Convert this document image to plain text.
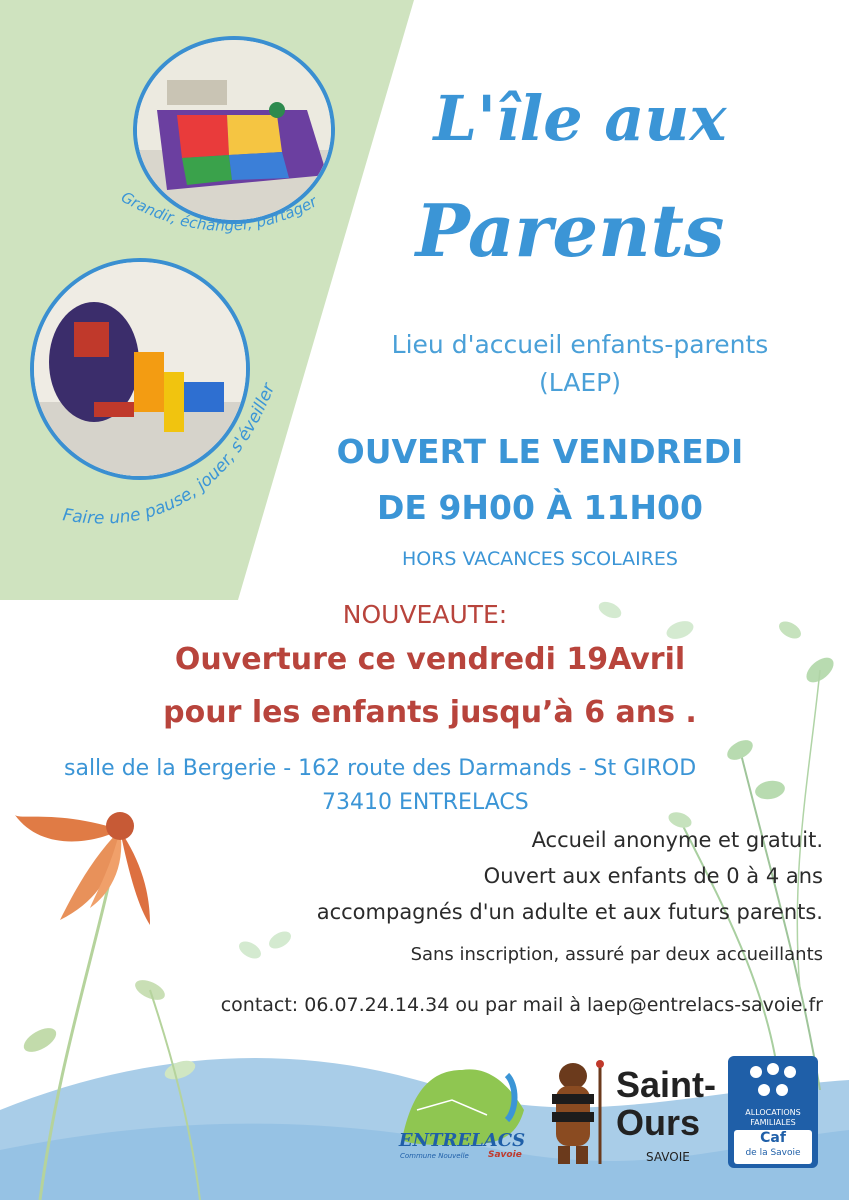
Grandir, échanger, partager
Faire une pause, jouer, s'éveiller
L'île aux
Parents
Lieu d'accueil enfants-parents
(LAEP)
OUVERT LE VENDREDI
DE 9H00 À 11H00
HORS VACANCES SCOLAIRES
NOUVEAUTE:
Ouverture ce vendredi 19Avril
pour les enfants jusqu’à 6 ans .
salle de la Bergerie - 162 route des Darmands - St GIROD
73410 ENTRELACS
Accueil anonyme et gratuit.
Ouvert aux enfants de 0 à 4 ans
accompagnés d'un adulte et aux futurs parents.
Sans inscription, assuré par deux accueillants
contact: 06.07.24.14.34 ou par mail à laep@entrelacs-savoie.fr
ENTRELACS
Commune Nouvelle Savoie
Saint-
Ours
SAVOIE
ALLOCATIONS
FAMILIALES
Caf
de la Savoie
